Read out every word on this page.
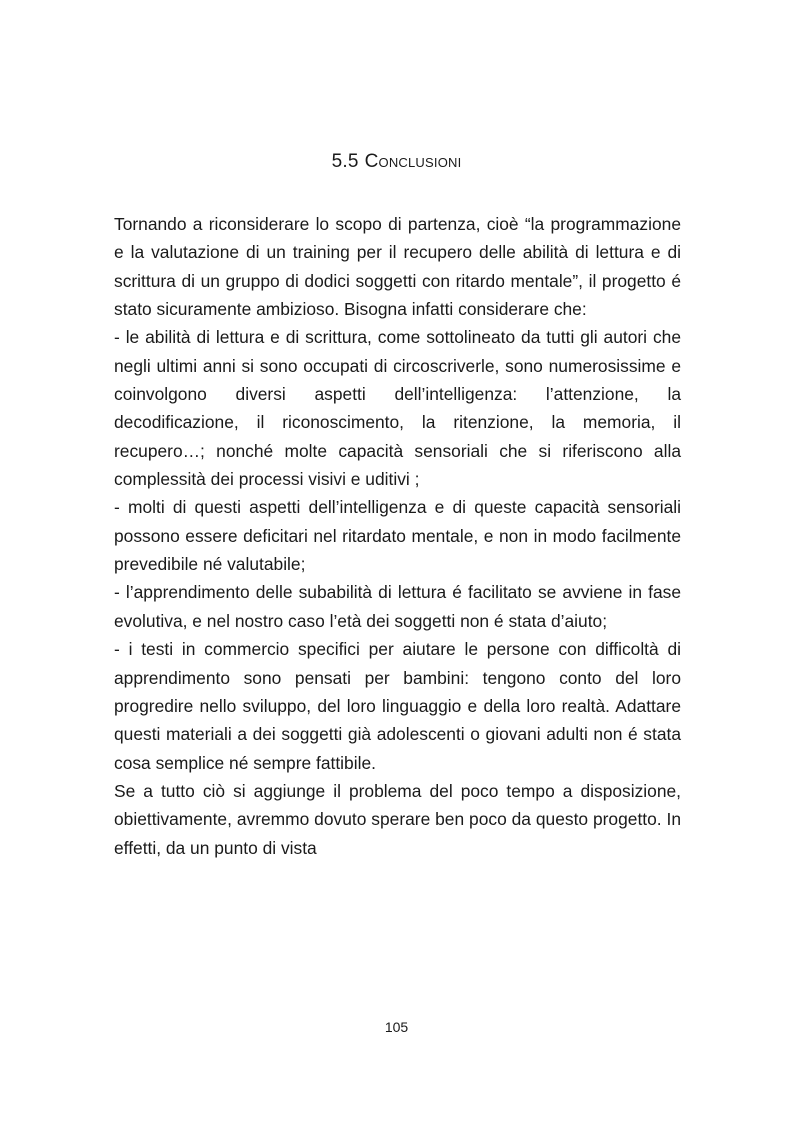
5.5 Conclusioni

Tornando a riconsiderare lo scopo di partenza, cioè “la programmazione e la valutazione di un training per il recupero delle abilità di lettura e di scrittura di un gruppo di dodici soggetti con ritardo mentale”, il progetto é stato sicuramente ambizioso. Bisogna infatti considerare che:

- le abilità di lettura e di scrittura, come sottolineato da tutti gli autori che negli ultimi anni si sono occupati di circoscriverle, sono numerosissime e coinvolgono diversi aspetti dell’intelligenza: l’attenzione, la decodificazione, il riconoscimento, la ritenzione, la memoria, il recupero…; nonché molte capacità sensoriali che si riferiscono alla complessità dei processi visivi e uditivi ;

- molti di questi aspetti dell’intelligenza e di queste capacità sensoriali possono essere deficitari nel ritardato mentale, e non in modo facilmente prevedibile né valutabile;

- l’apprendimento delle subabilità di lettura é facilitato se avviene in fase evolutiva, e nel nostro caso l’età dei soggetti non é stata d’aiuto;

- i testi in commercio specifici per aiutare le persone con difficoltà di apprendimento sono pensati per bambini: tengono conto del loro progredire nello sviluppo, del loro linguaggio e della loro realtà. Adattare questi materiali a dei soggetti già adolescenti o giovani adulti non é stata cosa semplice né sempre fattibile.

Se a tutto ciò si aggiunge il problema del poco tempo a disposizione, obiettivamente, avremmo dovuto sperare ben poco da questo progetto. In effetti, da un punto di vista

105
